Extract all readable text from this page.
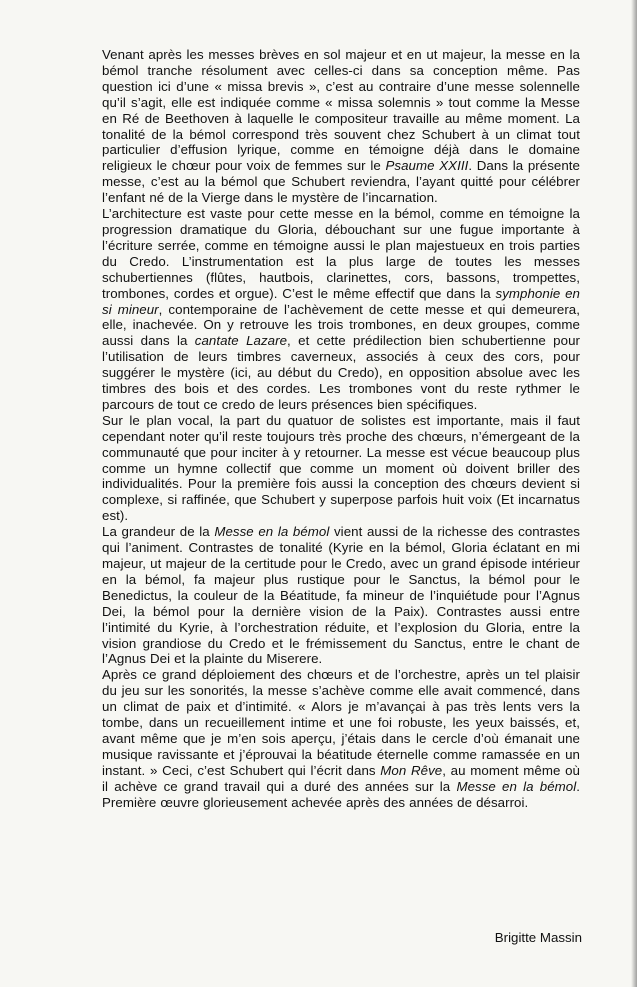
Venant après les messes brèves en sol majeur et en ut majeur, la messe en la bémol tranche résolument avec celles-ci dans sa conception même. Pas question ici d’une « missa brevis », c’est au contraire d’une messe solennelle qu’il s’agit, elle est indiquée comme « missa solemnis » tout comme la Messe en Ré de Beethoven à laquelle le compositeur travaille au même moment. La tonalité de la bémol correspond très souvent chez Schubert à un climat tout particulier d’effusion lyrique, comme en témoigne déjà dans le domaine religieux le chœur pour voix de femmes sur le Psaume XXIII. Dans la présente messe, c’est au la bémol que Schubert reviendra, l’ayant quitté pour célébrer l’enfant né de la Vierge dans le mystère de l’incarnation.

L’architecture est vaste pour cette messe en la bémol, comme en témoigne la progression dramatique du Gloria, débouchant sur une fugue importante à l’écriture serrée, comme en témoigne aussi le plan majestueux en trois parties du Credo. L’instrumentation est la plus large de toutes les messes schubertiennes (flûtes, hautbois, clarinettes, cors, bassons, trompettes, trombones, cordes et orgue). C’est le même effectif que dans la symphonie en si mineur, contemporaine de l’achèvement de cette messe et qui demeurera, elle, inachevée. On y retrouve les trois trombones, en deux groupes, comme aussi dans la cantate Lazare, et cette prédilection bien schubertienne pour l’utilisation de leurs timbres caverneux, associés à ceux des cors, pour suggérer le mystère (ici, au début du Credo), en opposition absolue avec les timbres des bois et des cordes. Les trombones vont du reste rythmer le parcours de tout ce credo de leurs présences bien spécifiques.

Sur le plan vocal, la part du quatuor de solistes est importante, mais il faut cependant noter qu’il reste toujours très proche des chœurs, n’émergeant de la communauté que pour inciter à y retourner. La messe est vécue beaucoup plus comme un hymne collectif que comme un moment où doivent briller des individualités. Pour la première fois aussi la conception des chœurs devient si complexe, si raffinée, que Schubert y superpose parfois huit voix (Et incarnatus est).

La grandeur de la Messe en la bémol vient aussi de la richesse des contrastes qui l’animent. Contrastes de tonalité (Kyrie en la bémol, Gloria éclatant en mi majeur, ut majeur de la certitude pour le Credo, avec un grand épisode intérieur en la bémol, fa majeur plus rustique pour le Sanctus, la bémol pour le Benedictus, la couleur de la Béatitude, fa mineur de l’inquiétude pour l’Agnus Dei, la bémol pour la dernière vision de la Paix). Contrastes aussi entre l’intimité du Kyrie, à l’orchestration réduite, et l’explosion du Gloria, entre la vision grandiose du Credo et le frémissement du Sanctus, entre le chant de l’Agnus Dei et la plainte du Miserere.

Après ce grand déploiement des chœurs et de l’orchestre, après un tel plaisir du jeu sur les sonorités, la messe s’achève comme elle avait commencé, dans un climat de paix et d’intimité. « Alors je m’avançai à pas très lents vers la tombe, dans un recueillement intime et une foi robuste, les yeux baissés, et, avant même que je m’en sois aperçu, j’étais dans le cercle d’où émanait une musique ravissante et j’éprouvai la béatitude éternelle comme ramassée en un instant. » Ceci, c’est Schubert qui l’écrit dans Mon Rêve, au moment même où il achève ce grand travail qui a duré des années sur la Messe en la bémol. Première œuvre glorieusement achevée après des années de désarroi.

Brigitte Massin
